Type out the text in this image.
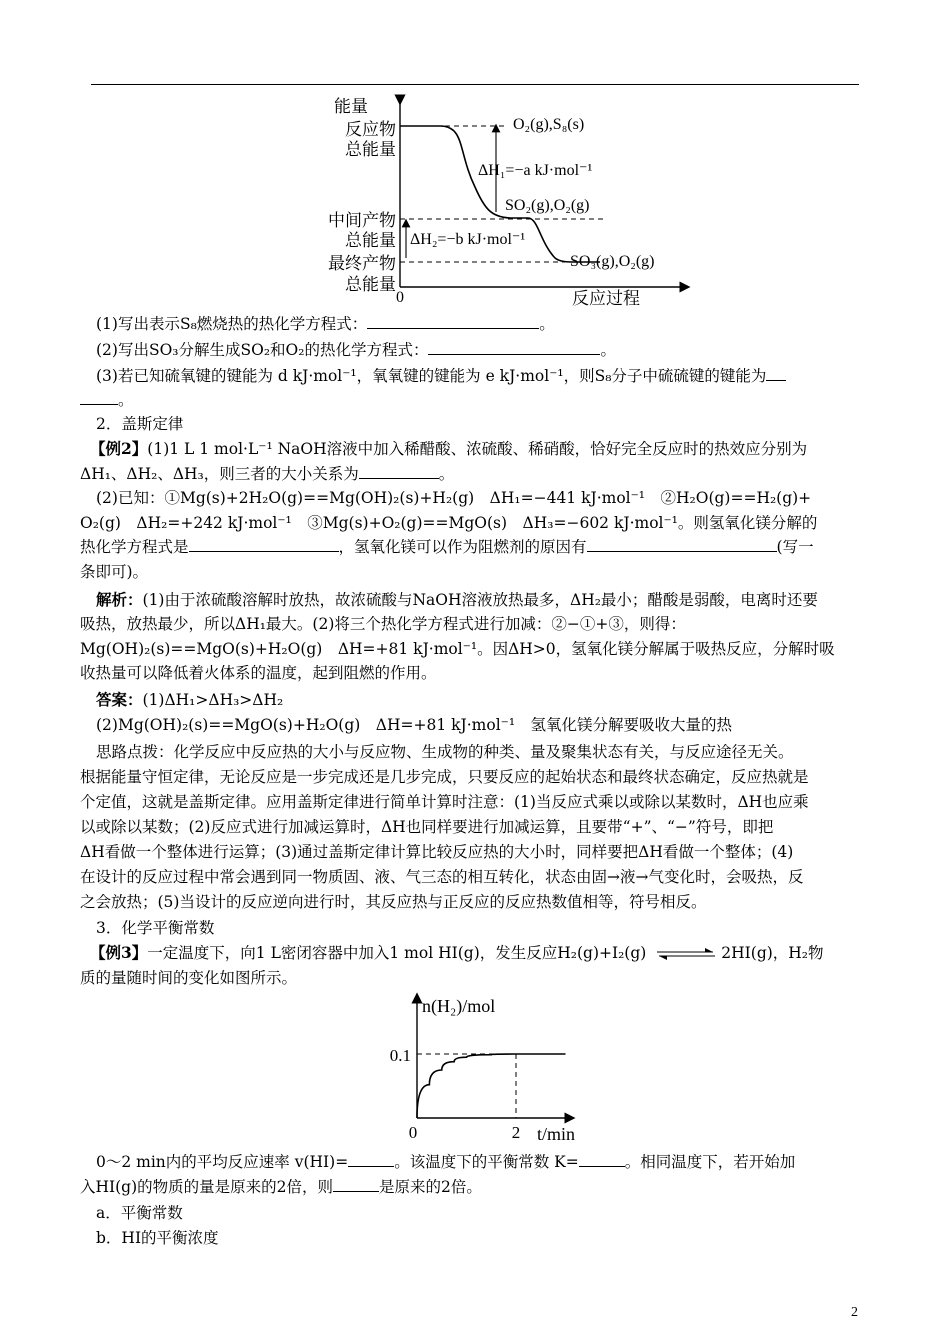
能量
反应物
总能量
中间产物
总能量
最终产物
总能量
0	反应过程
O₂(g),S₈(s)
ΔH₁=−a kJ·mol⁻¹
SO₂(g),O₂(g)
ΔH₂=−b kJ·mol⁻¹
SO₃(g),O₂(g)
(1)写出表示S₈燃烧热的热化学方程式：	。
(2)写出SO₃分解生成SO₂和O₂的热化学方程式：	。
(3)若已知硫氧键的键能为 d kJ·mol⁻¹，氧氧键的键能为 e kJ·mol⁻¹，则S₈分子中硫硫键的键能为
。
2．盖斯定律
【例2】(1)1 L 1 mol·L⁻¹ NaOH溶液中加入稀醋酸、浓硫酸、稀硝酸，恰好完全反应时的热效应分别为
ΔH₁、ΔH₂、ΔH₃，则三者的大小关系为	。
(2)已知：①Mg(s)+2H₂O(g)==Mg(OH)₂(s)+H₂(g)　ΔH₁=−441 kJ·mol⁻¹　②H₂O(g)==H₂(g)+
O₂(g)　ΔH₂=+242 kJ·mol⁻¹　③Mg(s)+O₂(g)==MgO(s)　ΔH₃=−602 kJ·mol⁻¹。则氢氧化镁分解的
热化学方程式是	，氢氧化镁可以作为阻燃剂的原因有	(写一
条即可)。
解析：(1)由于浓硫酸溶解时放热，故浓硫酸与NaOH溶液放热最多，ΔH₂最小；醋酸是弱酸，电离时还要
吸热，放热最少，所以ΔH₁最大。(2)将三个热化学方程式进行加减：②−①+③，则得：
Mg(OH)₂(s)==MgO(s)+H₂O(g)　ΔH=+81 kJ·mol⁻¹。因ΔH>0，氢氧化镁分解属于吸热反应，分解时吸
收热量可以降低着火体系的温度，起到阻燃的作用。
答案：(1)ΔH₁>ΔH₃>ΔH₂
(2)Mg(OH)₂(s)==MgO(s)+H₂O(g)　ΔH=+81 kJ·mol⁻¹　氢氧化镁分解要吸收大量的热
思路点拨：化学反应中反应热的大小与反应物、生成物的种类、量及聚集状态有关，与反应途径无关。
根据能量守恒定律，无论反应是一步完成还是几步完成，只要反应的起始状态和最终状态确定，反应热就是
个定值，这就是盖斯定律。应用盖斯定律进行简单计算时注意：(1)当反应式乘以或除以某数时，ΔH也应乘
以或除以某数；(2)反应式进行加减运算时，ΔH也同样要进行加减运算，且要带“+”、“−”符号，即把
ΔH看做一个整体进行运算；(3)通过盖斯定律计算比较反应热的大小时，同样要把ΔH看做一个整体；(4)
在设计的反应过程中常会遇到同一物质固、液、气三态的相互转化，状态由固→液→气变化时，会吸热，反
之会放热；(5)当设计的反应逆向进行时，其反应热与正反应的反应热数值相等，符号相反。
3．化学平衡常数
【例3】一定温度下，向1 L密闭容器中加入1 mol HI(g)，发生反应H₂(g)+I₂(g) ⇌ 2HI(g)，H₂物
质的量随时间的变化如图所示。
n(H₂)/mol
0
0.1
2 t/min
0～2 min内的平均反应速率 v(HI)=	。该温度下的平衡常数 K=	。相同温度下，若开始加
入HI(g)的物质的量是原来的2倍，则	是原来的2倍。
a．平衡常数
b．HI的平衡浓度
2
